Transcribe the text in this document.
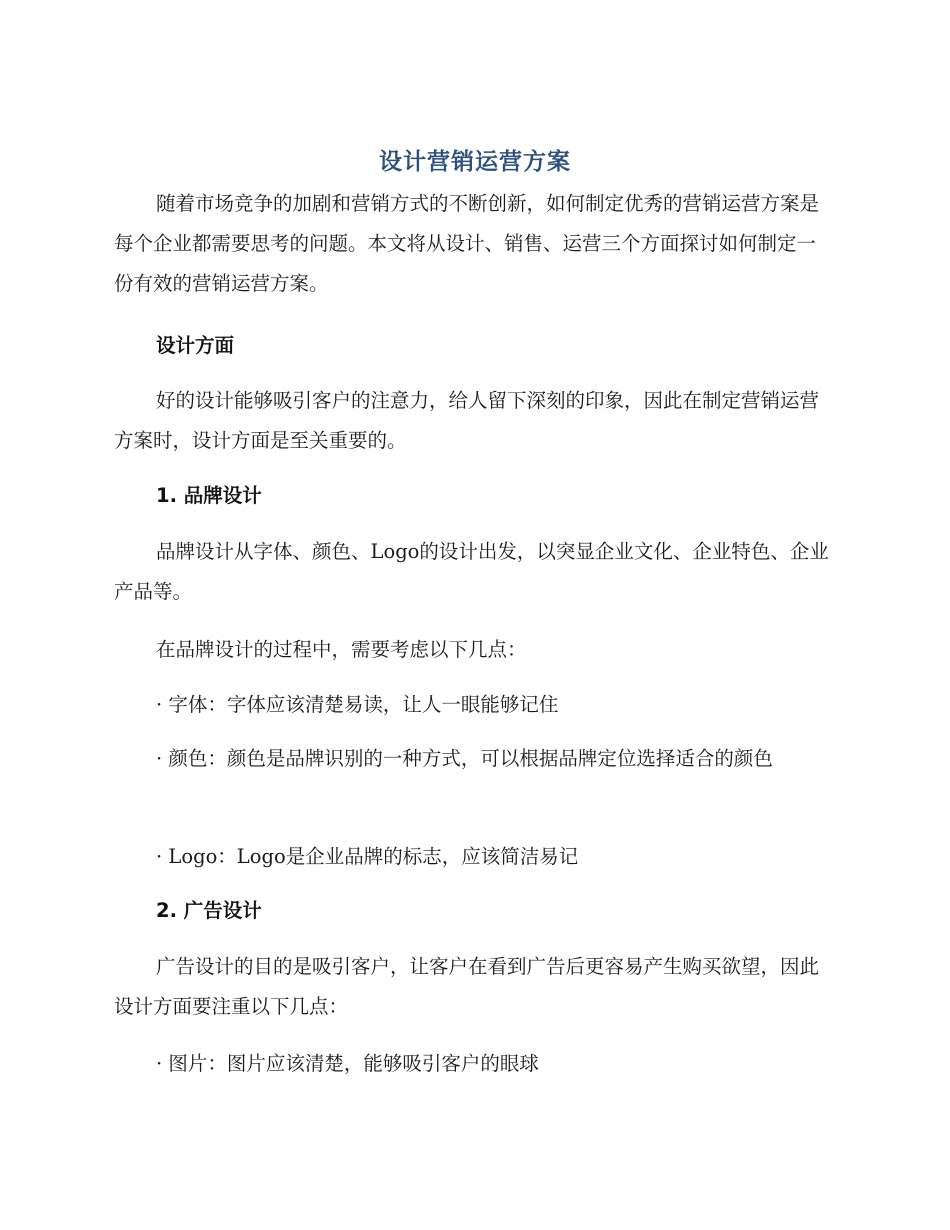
设计营销运营方案

随着市场竞争的加剧和营销方式的不断创新，如何制定优秀的营销运营方案是每个企业都需要思考的问题。本文将从设计、销售、运营三个方面探讨如何制定一份有效的营销运营方案。

设计方面

好的设计能够吸引客户的注意力，给人留下深刻的印象，因此在制定营销运营方案时，设计方面是至关重要的。

1. 品牌设计

品牌设计从字体、颜色、Logo的设计出发，以突显企业文化、企业特色、企业产品等。

在品牌设计的过程中，需要考虑以下几点：

· 字体：字体应该清楚易读，让人一眼能够记住

· 颜色：颜色是品牌识别的一种方式，可以根据品牌定位选择适合的颜色

· Logo：Logo是企业品牌的标志，应该简洁易记

2. 广告设计

广告设计的目的是吸引客户，让客户在看到广告后更容易产生购买欲望，因此设计方面要注重以下几点：

· 图片：图片应该清楚，能够吸引客户的眼球
